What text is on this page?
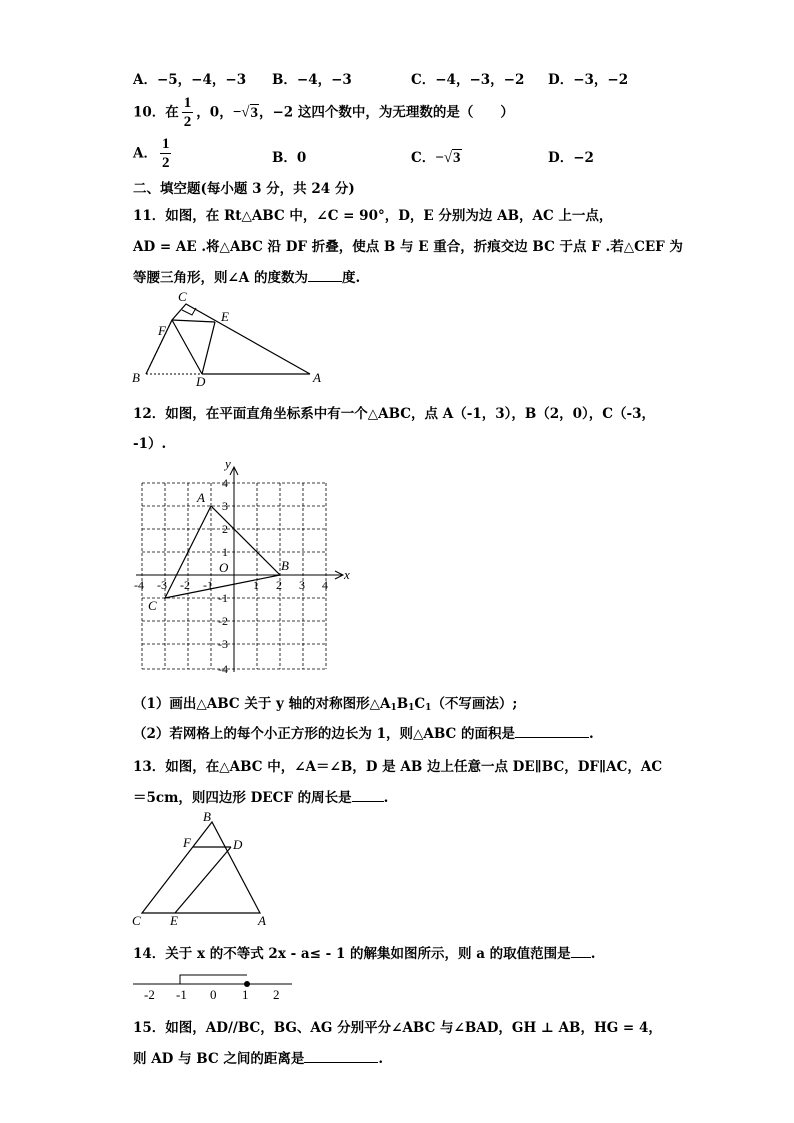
A．−5，−4，−3 B．−4，−3	C．−4，−3，−2 D．−3，−2
10．在 $\frac{1}{2}$ ，0，−√3，−2 这四个数中，为无理数的是（　　）
A． $\frac{1}{2}$	B．0	C．−√3	D．−2
二、填空题(每小题 3 分，共 24 分)
11．如图，在 Rt△ABC 中，∠C = 90°，D，E 分别为边 AB，AC 上一点，
AD = AE .将△ABC 沿 DF 折叠，使点 B 与 E 重合，折痕交边 BC 于点 F .若△CEF 为
等腰三角形，则∠A 的度数为	度.
C
E
F
B	D	A
12．如图，在平面直角坐标系中有一个△ABC，点 A（-1，3），B（2，0），C（-3，
-1）.
x
y
O
A
B
C
-4 -3 -2 -1	1 2 3 4
4
3
2
1
-1
-2
-3
-4
（1）画出△ABC 关于 y 轴的对称图形$\triangle A_1B_1C_1$（不写画法）;
（2）若网格上的每个小正方形的边长为 1，则△ABC 的面积是	.
13．如图，在△ABC 中，∠A＝∠B，D 是 AB 边上任意一点 DE∥BC，DF∥AC，AC
＝5cm，则四边形 DECF 的周长是 .
B
F	D
C E	A
14．关于 x 的不等式 2x - a≤ - 1 的解集如图所示，则 a 的取值范围是 .
-2 -1 0 1 2
15．如图，AD//BC，BG、AG 分别平分∠ABC 与∠BAD，GH ⊥ AB，HG = 4，
则 AD 与 BC 之间的距离是	.
